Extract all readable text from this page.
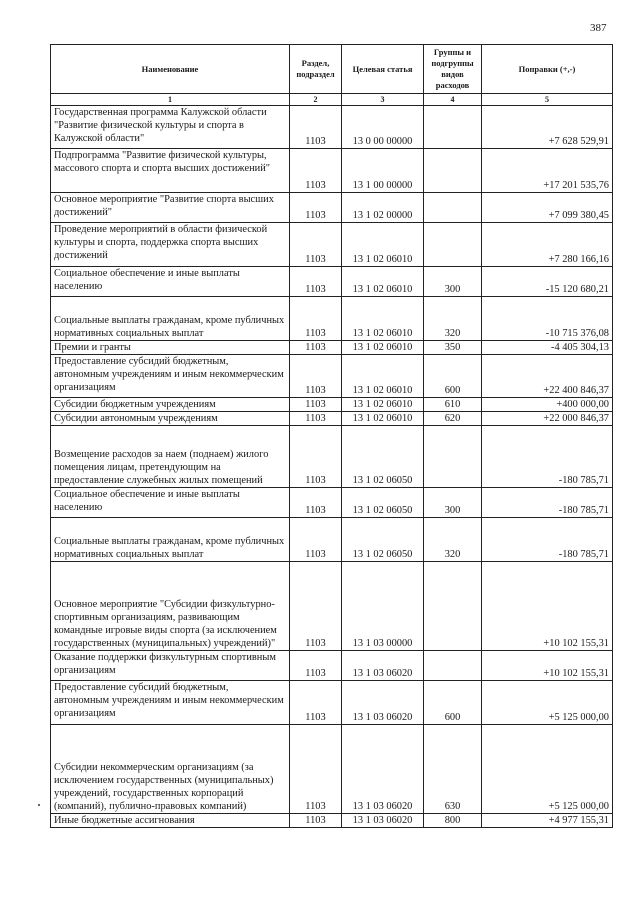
387
Наименование	Раздел, подраздел	Целевая статья	Группы и подгруппы видов расходов	Поправки (+,-)
1	2	3	4	5
Государственная программа Калужской области "Развитие физической культуры и спорта в Калужской области"	1103	13 0 00 00000		+7 628 529,91
Подпрограмма "Развитие физической культуры, массового спорта и спорта высших достижений"	1103	13 1 00 00000		+17 201 535,76
Основное мероприятие "Развитие спорта высших достижений"	1103	13 1 02 00000		+7 099 380,45
Проведение мероприятий в области физической культуры и спорта, поддержка спорта высших достижений	1103	13 1 02 06010		+7 280 166,16
Социальное обеспечение и иные выплаты населению	1103	13 1 02 06010	300	-15 120 680,21
Социальные выплаты гражданам, кроме публичных нормативных социальных выплат	1103	13 1 02 06010	320	-10 715 376,08
Премии и гранты	1103	13 1 02 06010	350	-4 405 304,13
Предоставление субсидий бюджетным, автономным учреждениям и иным некоммерческим организациям	1103	13 1 02 06010	600	+22 400 846,37
Субсидии бюджетным учреждениям	1103	13 1 02 06010	610	+400 000,00
Субсидии автономным учреждениям	1103	13 1 02 06010	620	+22 000 846,37
Возмещение расходов за наем (поднаем) жилого помещения лицам, претендующим на предоставление служебных жилых помещений	1103	13 1 02 06050		-180 785,71
Социальное обеспечение и иные выплаты населению	1103	13 1 02 06050	300	-180 785,71
Социальные выплаты гражданам, кроме публичных нормативных социальных выплат	1103	13 1 02 06050	320	-180 785,71
Основное мероприятие "Субсидии физкультурно-спортивным организациям, развивающим командные игровые виды спорта (за исключением государственных (муниципальных) учреждений)"	1103	13 1 03 00000		+10 102 155,31
Оказание поддержки физкультурным спортивным организациям	1103	13 1 03 06020		+10 102 155,31
Предоставление субсидий бюджетным, автономным учреждениям и иным некоммерческим организациям	1103	13 1 03 06020	600	+5 125 000,00
Субсидии некоммерческим организациям (за исключением государственных (муниципальных) учреждений, государственных корпораций (компаний), публично-правовых компаний)	1103	13 1 03 06020	630	+5 125 000,00
Иные бюджетные ассигнования	1103	13 1 03 06020	800	+4 977 155,31
